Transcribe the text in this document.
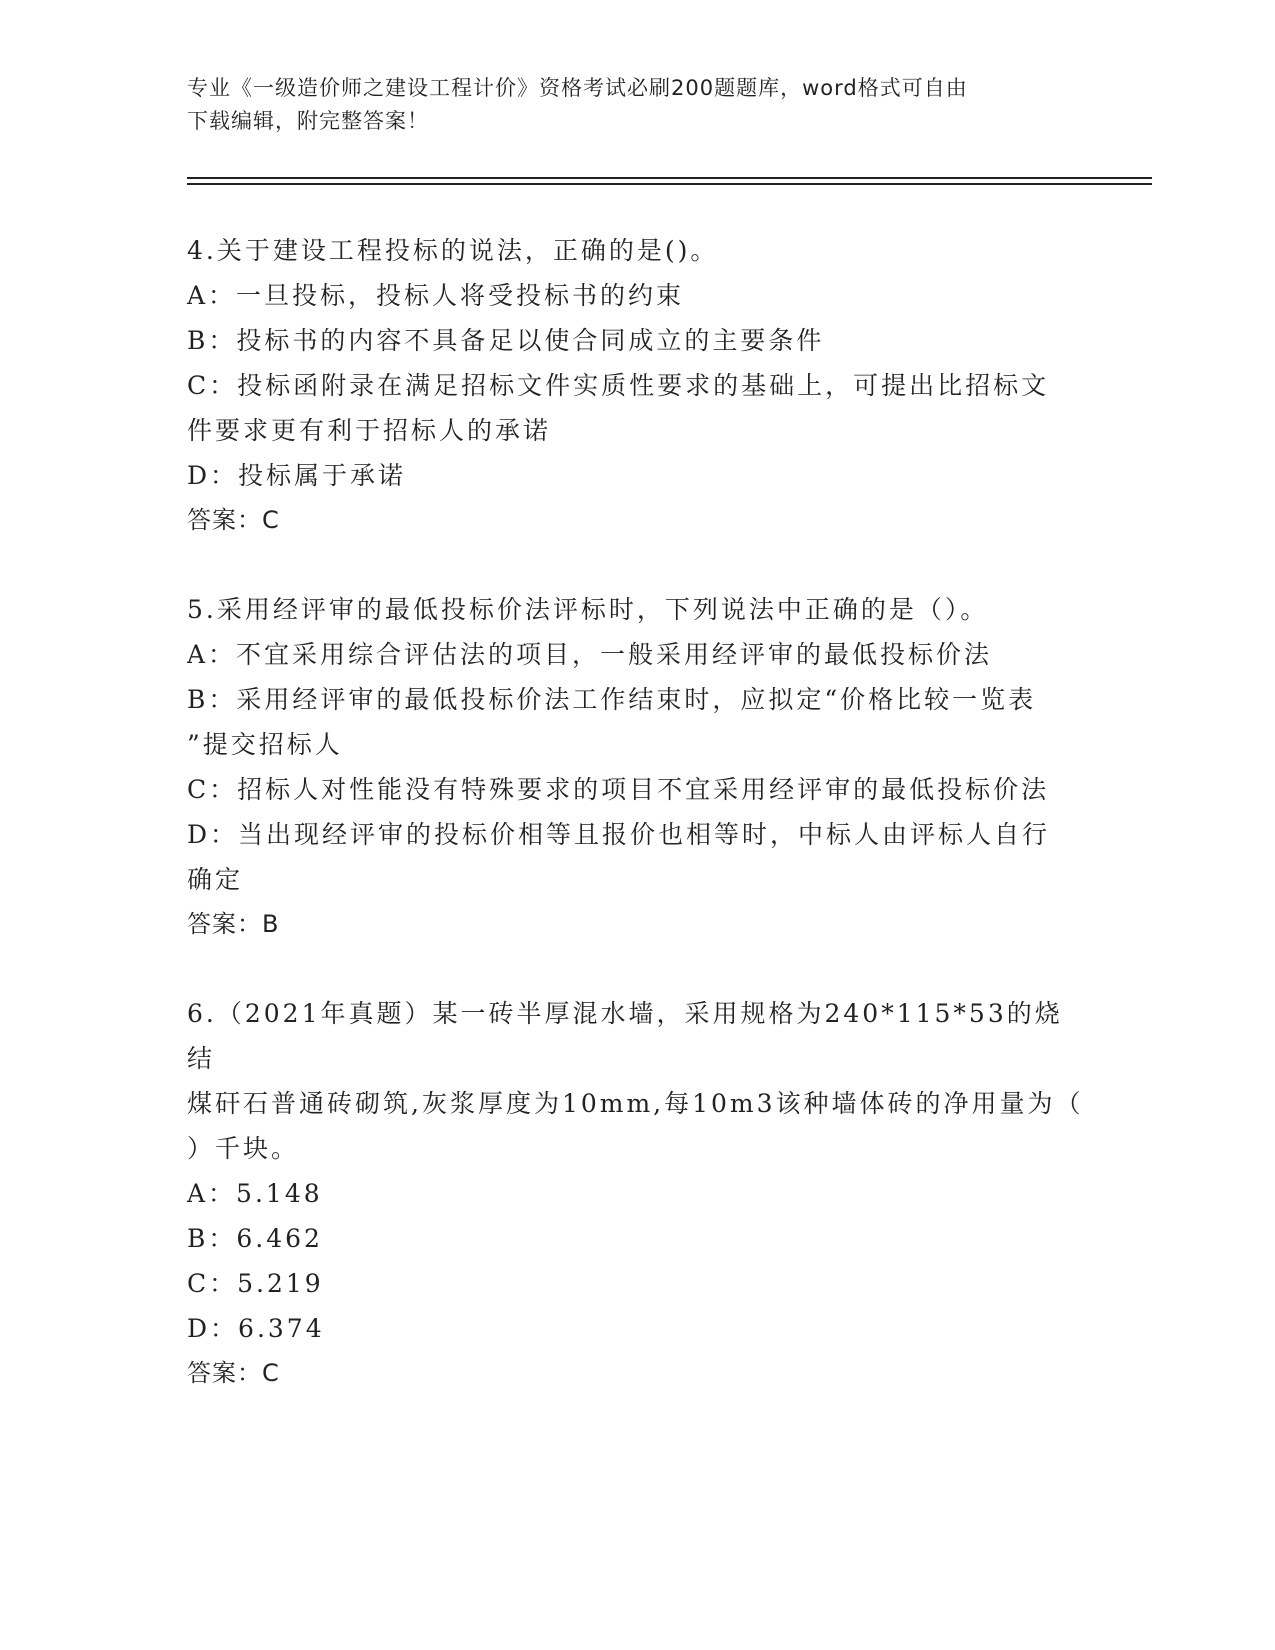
专业《一级造价师之建设工程计价》资格考试必刷200题题库，word格式可自由
下载编辑，附完整答案！

4.关于建设工程投标的说法，正确的是()。

A：一旦投标，投标人将受投标书的约束

B：投标书的内容不具备足以使合同成立的主要条件

C：投标函附录在满足招标文件实质性要求的基础上，可提出比招标文

件要求更有利于招标人的承诺

D：投标属于承诺

答案：C

5.采用经评审的最低投标价法评标时，下列说法中正确的是（）。

A：不宜采用综合评估法的项目，一般采用经评审的最低投标价法

B：采用经评审的最低投标价法工作结束时，应拟定“价格比较一览表

”提交招标人

C：招标人对性能没有特殊要求的项目不宜采用经评审的最低投标价法

D：当出现经评审的投标价相等且报价也相等时，中标人由评标人自行

确定

答案：B

6.（2021年真题）某一砖半厚混水墙，采用规格为240*115*53的烧结

煤矸石普通砖砌筑,灰浆厚度为10mm,每10m3该种墙体砖的净用量为（

）千块。

A：5.148

B：6.462

C：5.219

D：6.374

答案：C
